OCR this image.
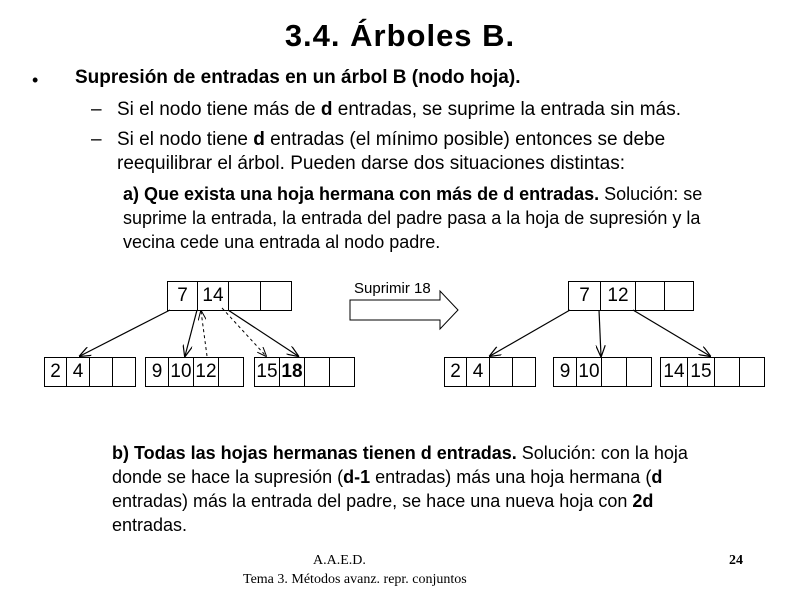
3.4. Árboles B.
• Supresión de entradas en un árbol B (nodo hoja).
– Si el nodo tiene más de d entradas, se suprime la entrada sin más.
– Si el nodo tiene d entradas (el mínimo posible) entonces se debe
reequilibrar el árbol. Pueden darse dos situaciones distintas:
a) Que exista una hoja hermana con más de d entradas. Solución: se
suprime la entrada, la entrada del padre pasa a la hoja de supresión y la
vecina cede una entrada al nodo padre.
Suprimir 18
7 14
2 4	9 10 12 15 18
7 12
2 4	9 10	14 15
b) Todas las hojas hermanas tienen d entradas. Solución: con la hoja
donde se hace la supresión (d-1 entradas) más una hoja hermana (d
entradas) más la entrada del padre, se hace una nueva hoja con 2d
entradas.
A.A.E.D.
Tema 3. Métodos avanz. repr. conjuntos
24
